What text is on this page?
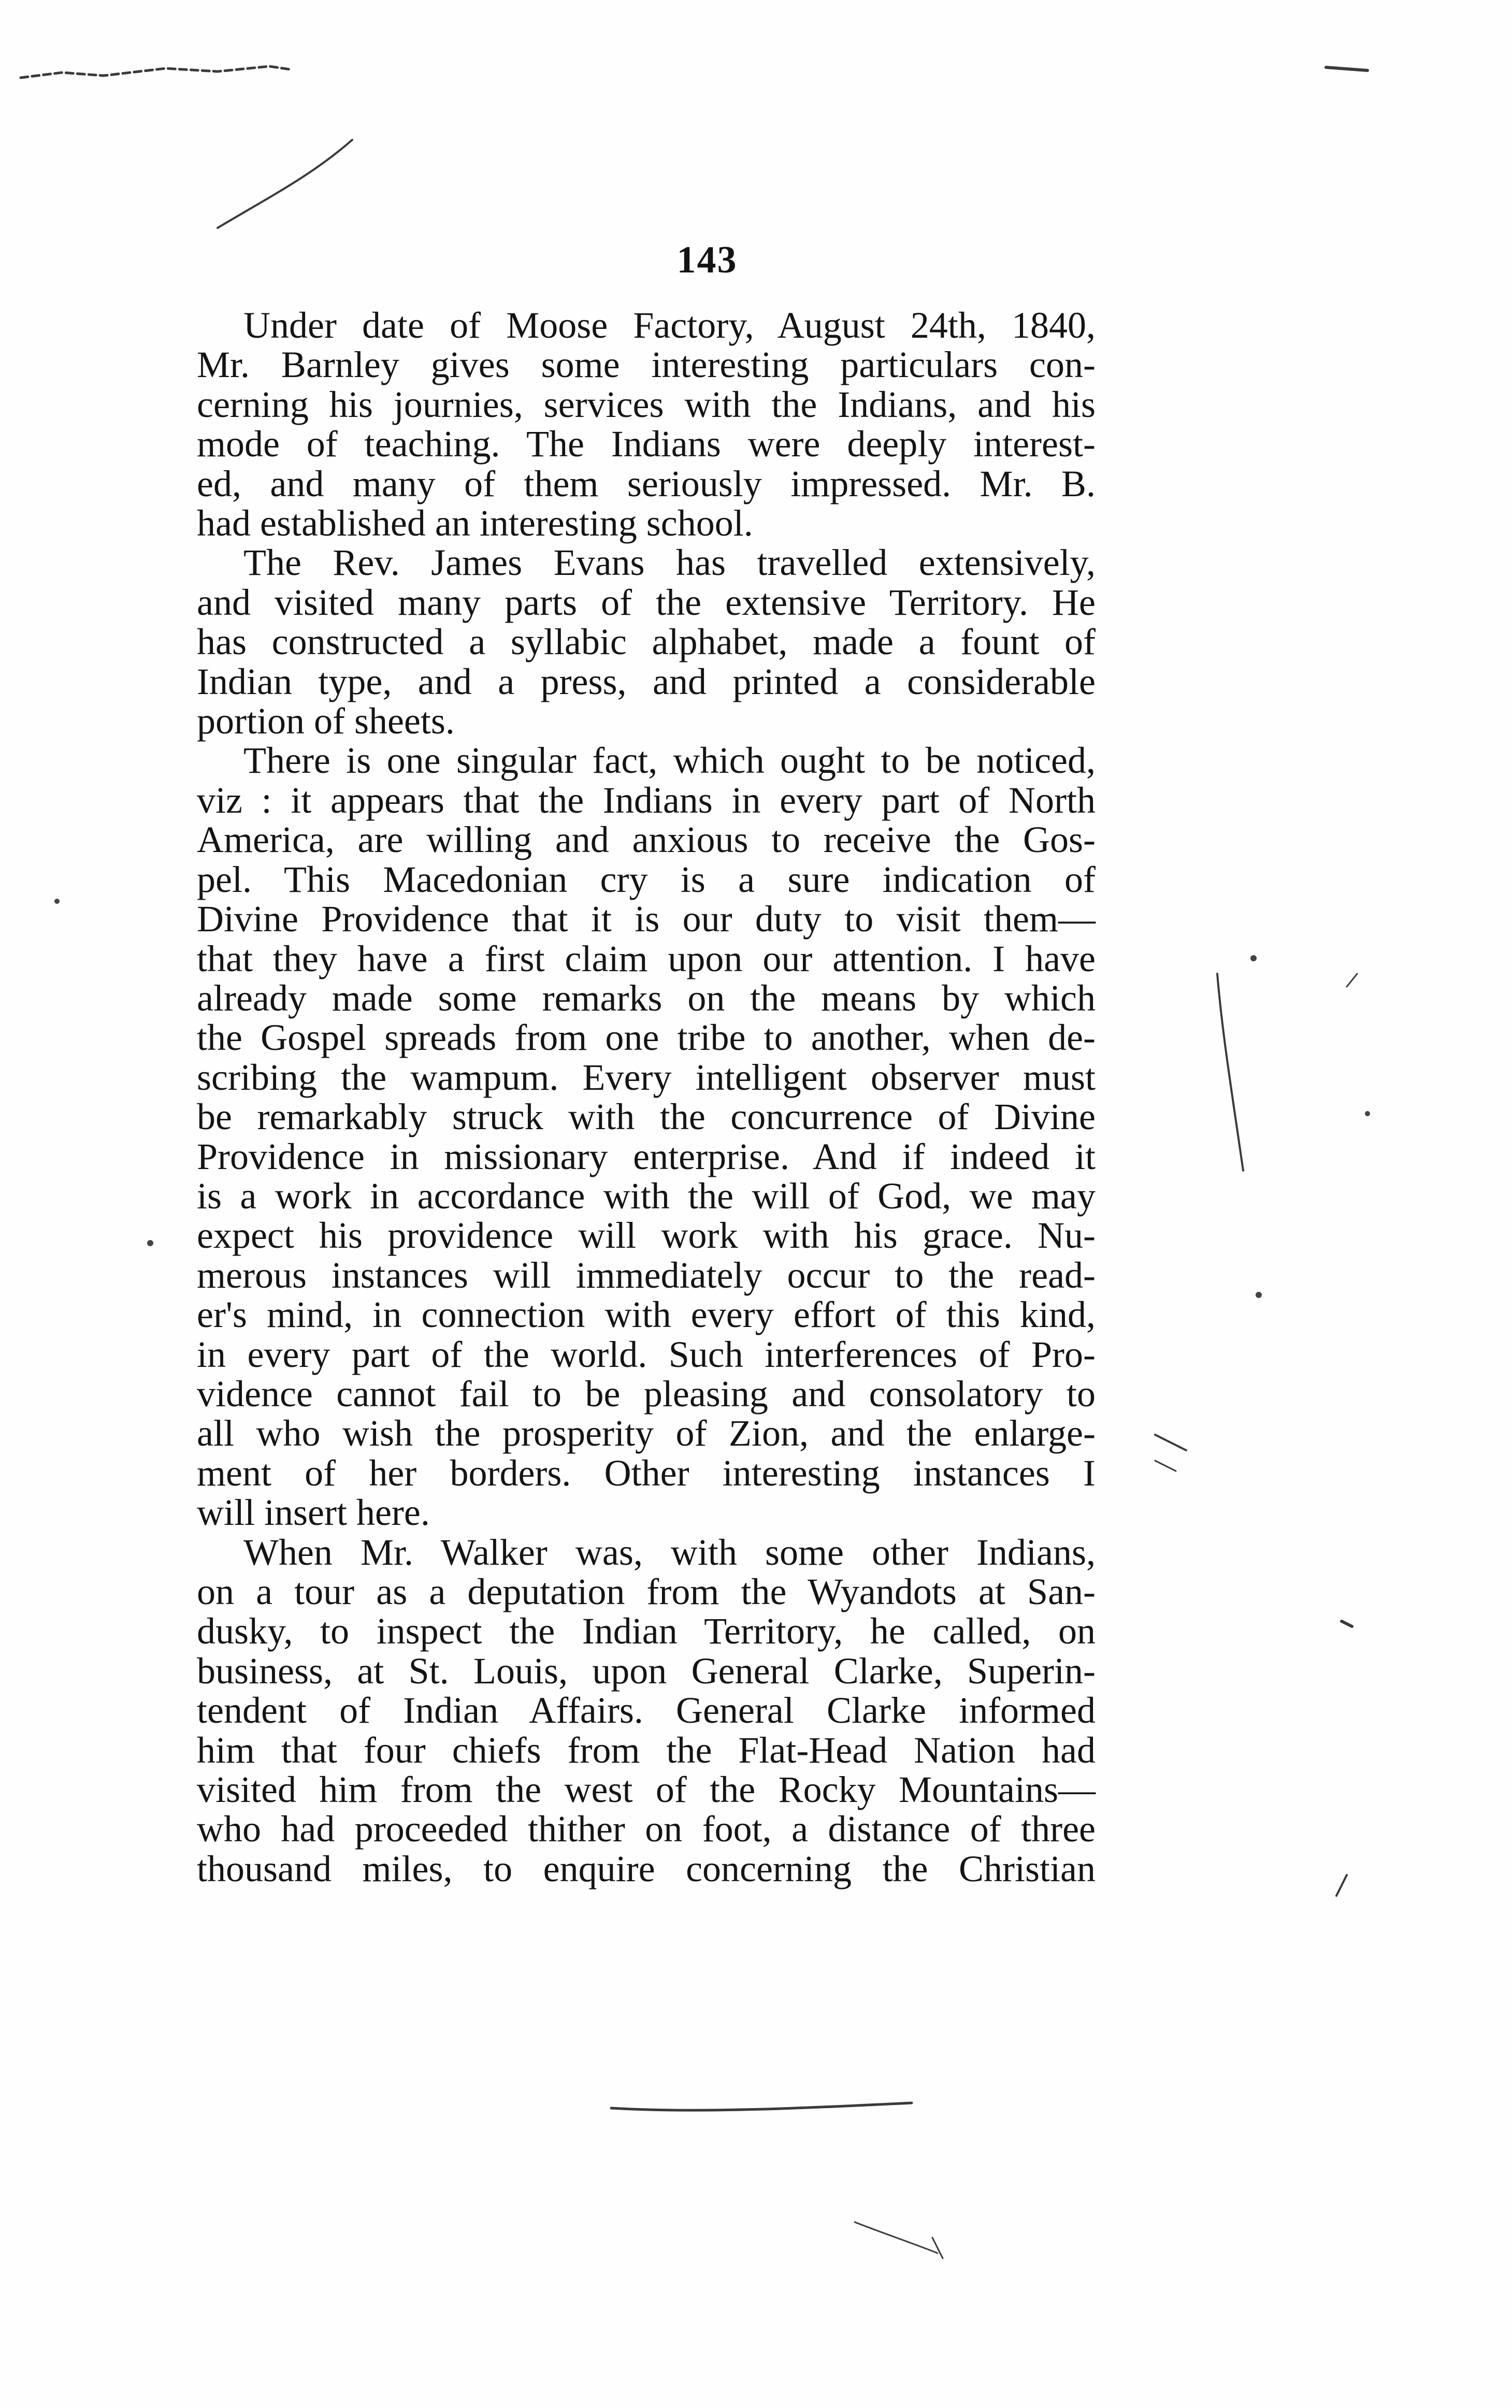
143

Under date of Moose Factory, August 24th, 1840,
Mr. Barnley gives some interesting particulars con-
cerning his journies, services with the Indians, and his
mode of teaching. The Indians were deeply interest-
ed, and many of them seriously impressed. Mr. B.
had established an interesting school.

The Rev. James Evans has travelled extensively,
and visited many parts of the extensive Territory. He
has constructed a syllabic alphabet, made a fount of
Indian type, and a press, and printed a considerable
portion of sheets.

There is one singular fact, which ought to be noticed,
viz : it appears that the Indians in every part of North
America, are willing and anxious to receive the Gos-
pel. This Macedonian cry is a sure indication of
Divine Providence that it is our duty to visit them—
that they have a first claim upon our attention. I have
already made some remarks on the means by which
the Gospel spreads from one tribe to another, when de-
scribing the wampum. Every intelligent observer must
be remarkably struck with the concurrence of Divine
Providence in missionary enterprise. And if indeed it
is a work in accordance with the will of God, we may
expect his providence will work with his grace. Nu-
merous instances will immediately occur to the read-
er's mind, in connection with every effort of this kind,
in every part of the world. Such interferences of Pro-
vidence cannot fail to be pleasing and consolatory to
all who wish the prosperity of Zion, and the enlarge-
ment of her borders. Other interesting instances I
will insert here.

When Mr. Walker was, with some other Indians,
on a tour as a deputation from the Wyandots at San-
dusky, to inspect the Indian Territory, he called, on
business, at St. Louis, upon General Clarke, Superin-
tendent of Indian Affairs. General Clarke informed
him that four chiefs from the Flat-Head Nation had
visited him from the west of the Rocky Mountains—
who had proceeded thither on foot, a distance of three
thousand miles, to enquire concerning the Christian
